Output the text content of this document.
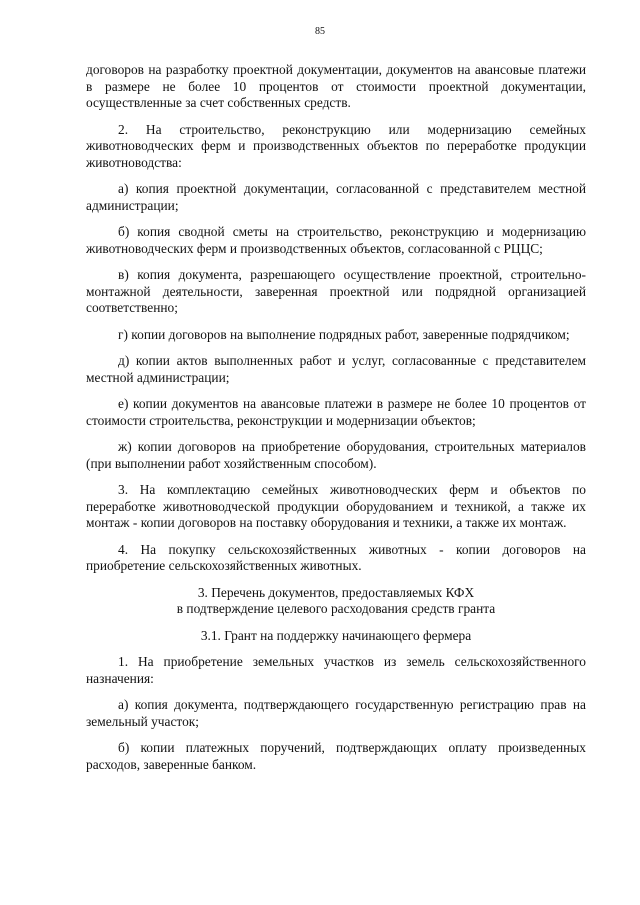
85

договоров на разработку проектной документации, документов на авансовые платежи в размере не более 10 процентов от стоимости проектной документации, осуществленные за счет собственных средств.

2. На строительство, реконструкцию или модернизацию семейных животноводческих ферм и производственных объектов по переработке продукции животноводства:

а) копия проектной документации, согласованной с представителем местной администрации;

б) копия сводной сметы на строительство, реконструкцию и модернизацию животноводческих ферм и производственных объектов, согласованной с РЦЦС;

в) копия документа, разрешающего осуществление проектной, строительно-монтажной деятельности, заверенная проектной или подрядной организацией соответственно;

г) копии договоров на выполнение подрядных работ, заверенные подрядчиком;

д) копии актов выполненных работ и услуг, согласованные с представителем местной администрации;

е) копии документов на авансовые платежи в размере не более 10 процентов от стоимости строительства, реконструкции и модернизации объектов;

ж) копии договоров на приобретение оборудования, строительных материалов (при выполнении работ хозяйственным способом).

3. На комплектацию семейных животноводческих ферм и объектов по переработке животноводческой продукции оборудованием и техникой, а также их монтаж - копии договоров на поставку оборудования и техники, а также их монтаж.

4. На покупку сельскохозяйственных животных - копии договоров на приобретение сельскохозяйственных животных.

3. Перечень документов, предоставляемых КФХ

в подтверждение целевого расходования средств гранта

3.1. Грант на поддержку начинающего фермера

1. На приобретение земельных участков из земель сельскохозяйственного назначения:

а) копия документа, подтверждающего государственную регистрацию прав на земельный участок;

б) копии платежных поручений, подтверждающих оплату произведенных расходов, заверенные банком.
